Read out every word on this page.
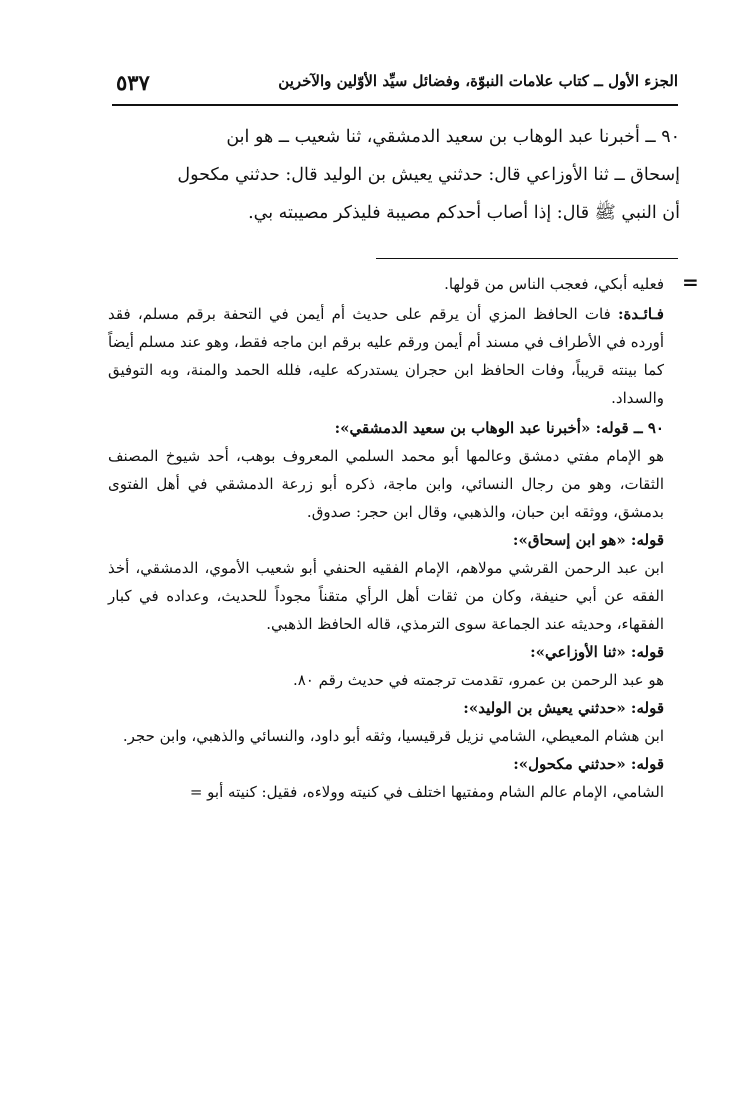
٥٣٧	الجزء الأول ــ كتاب علامات النبوّة، وفضائل سيِّد الأوّلين والآخرين

٩٠ ــ أخبرنا عبد الوهاب بن سعيد الدمشقي، ثنا شعيب ــ هو ابن

إسحاق ــ ثنا الأوزاعي قال: حدثني يعيش بن الوليد قال: حدثني مكحول

أن النبي ﷺ قال: إذا أصاب أحدكم مصيبة فليذكر مصيبته بي.

=

فعليه أبكي، فعجب الناس من قولها.

فـائـدة: فات الحافظ المزي أن يرقم على حديث أم أيمن في التحفة برقم مسلم، فقد أورده في الأطراف في مسند أم أيمن ورقم عليه برقم ابن ماجه فقط، وهو عند مسلم أيضاً كما بينته قريباً، وفات الحافظ ابن حجران يستدركه عليه، فلله الحمد والمنة، وبه التوفيق والسداد.

٩٠ ــ قوله: «أخبرنا عبد الوهاب بن سعيد الدمشقي»:

هو الإمام مفتي دمشق وعالمها أبو محمد السلمي المعروف بوهب، أحد شيوخ المصنف الثقات، وهو من رجال النسائي، وابن ماجة، ذكره أبو زرعة الدمشقي في أهل الفتوى بدمشق، ووثقه ابن حبان، والذهبي، وقال ابن حجر: صدوق.

قوله: «هو ابن إسحاق»:

ابن عبد الرحمن القرشي مولاهم، الإمام الفقيه الحنفي أبو شعيب الأموي، الدمشقي، أخذ الفقه عن أبي حنيفة، وكان من ثقات أهل الرأي متقناً مجوداً للحديث، وعداده في كبار الفقهاء، وحديثه عند الجماعة سوى الترمذي، قاله الحافظ الذهبي.

قوله: «ثنا الأوزاعي»:

هو عبد الرحمن بن عمرو، تقدمت ترجمته في حديث رقم ٨٠.

قوله: «حدثني يعيش بن الوليد»:

ابن هشام المعيطي، الشامي نزيل قرقيسيا، وثقه أبو داود، والنسائي والذهبي، وابن حجر.

قوله: «حدثني مكحول»:

الشامي، الإمام عالم الشام ومفتيها اختلف في كنيته وولاءه، فقيل: كنيته أبو =
